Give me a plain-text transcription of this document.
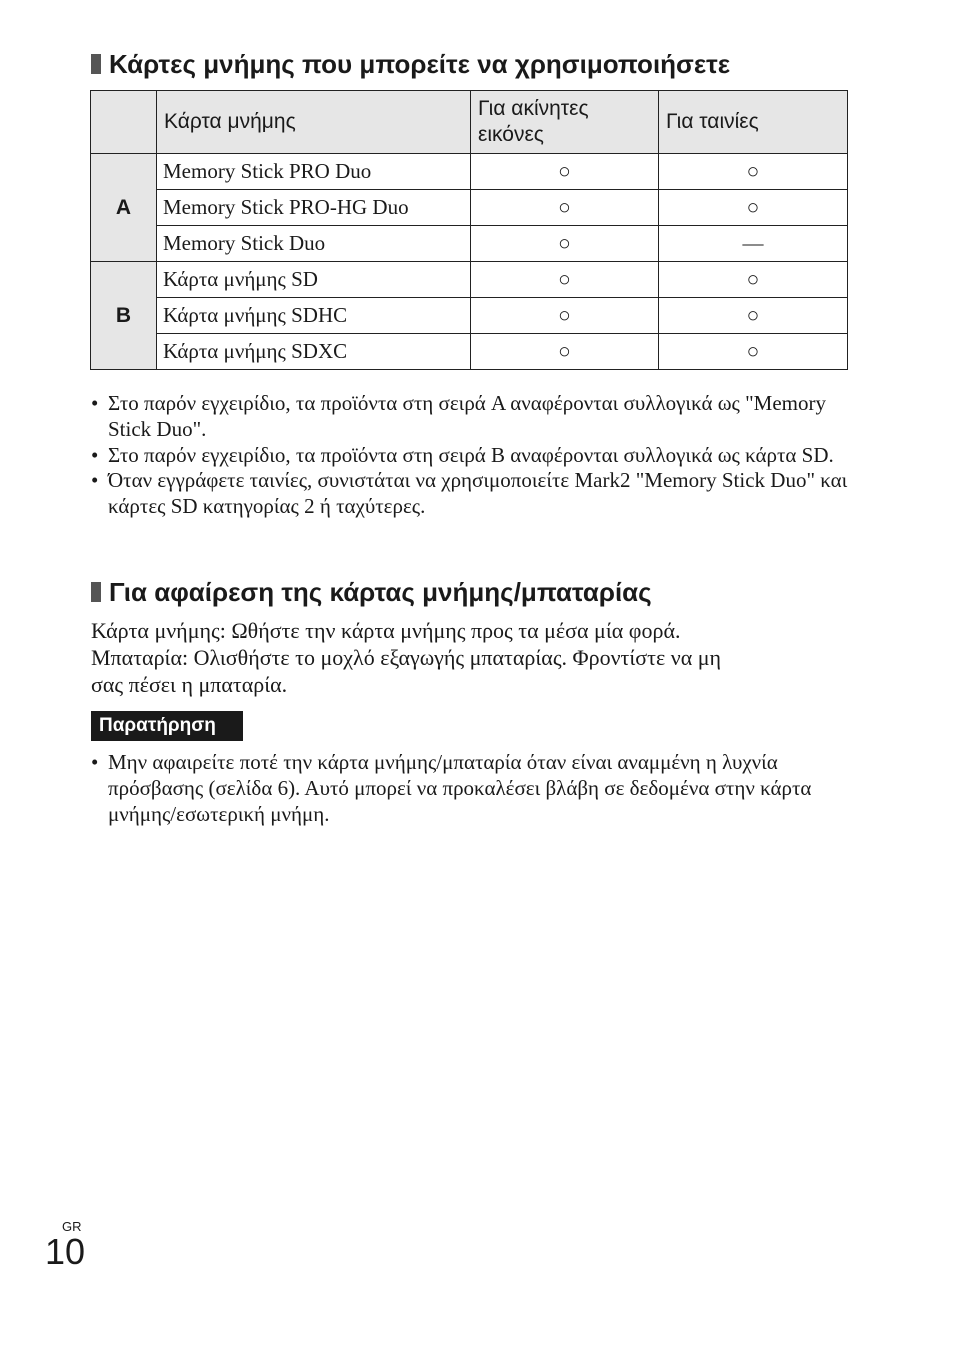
Κάρτες μνήμης που μπορείτε να χρησιμοποιήσετε
	Κάρτα μνήμης	Για ακίνητες εικόνες	Για ταινίες
A	Memory Stick PRO Duo	○	○
	Memory Stick PRO-HG Duo	○	○
	Memory Stick Duo	○	—
B	Κάρτα μνήμης SD	○	○
	Κάρτα μνήμης SDHC	○	○
	Κάρτα μνήμης SDXC	○	○
• Στο παρόν εγχειρίδιο, τα προϊόντα στη σειρά A αναφέρονται συλλογικά ως "Memory Stick Duo".
• Στο παρόν εγχειρίδιο, τα προϊόντα στη σειρά B αναφέρονται συλλογικά ως κάρτα SD.
• Όταν εγγράφετε ταινίες, συνιστάται να χρησιμοποιείτε Mark2 "Memory Stick Duo" και κάρτες SD κατηγορίας 2 ή ταχύτερες.
Για αφαίρεση της κάρτας μνήμης/μπαταρίας
Κάρτα μνήμης: Ωθήστε την κάρτα μνήμης προς τα μέσα μία φορά.
Μπαταρία: Ολισθήστε το μοχλό εξαγωγής μπαταρίας. Φροντίστε να μη
σας πέσει η μπαταρία.
Παρατήρηση
• Μην αφαιρείτε ποτέ την κάρτα μνήμης/μπαταρία όταν είναι αναμμένη η λυχνία πρόσβασης (σελίδα 6). Αυτό μπορεί να προκαλέσει βλάβη σε δεδομένα στην κάρτα μνήμης/εσωτερική μνήμη.
GR
10
